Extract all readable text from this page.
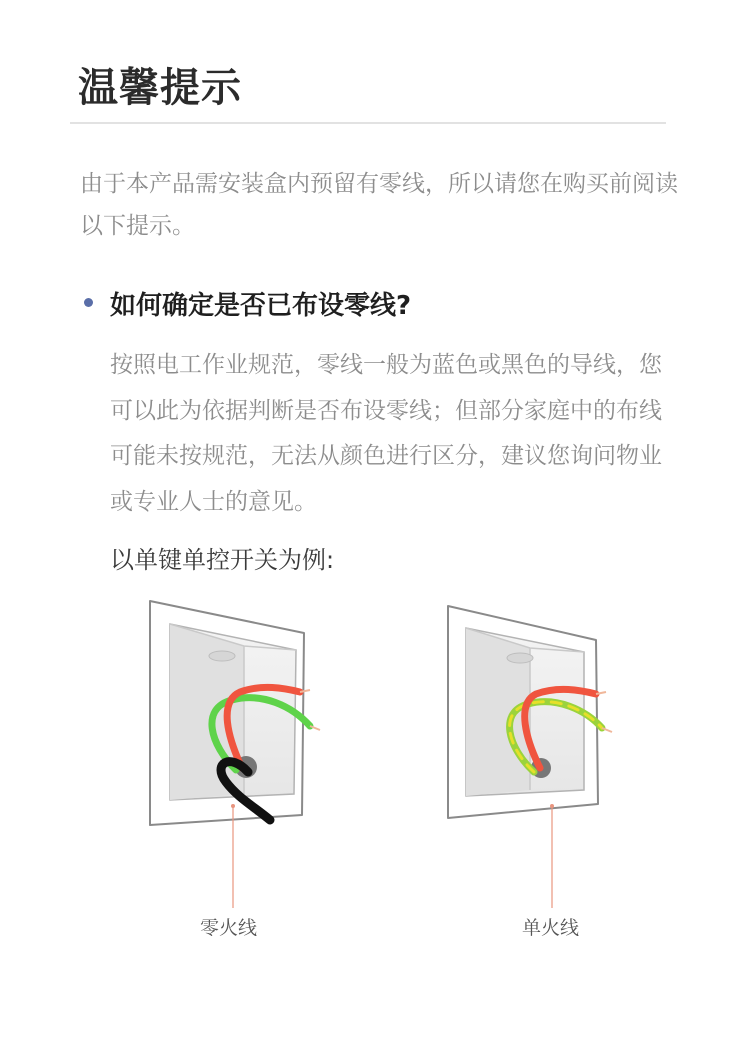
温馨提示

由于本产品需安装盒内预留有零线，所以请您在购买前阅读以下提示。

如何确定是否已布设零线?

按照电工作业规范，零线一般为蓝色或黑色的导线，您可以此为依据判断是否布设零线；但部分家庭中的布线可能未按规范，无法从颜色进行区分，建议您询问物业或专业人士的意见。

以单键单控开关为例:

零火线	单火线
